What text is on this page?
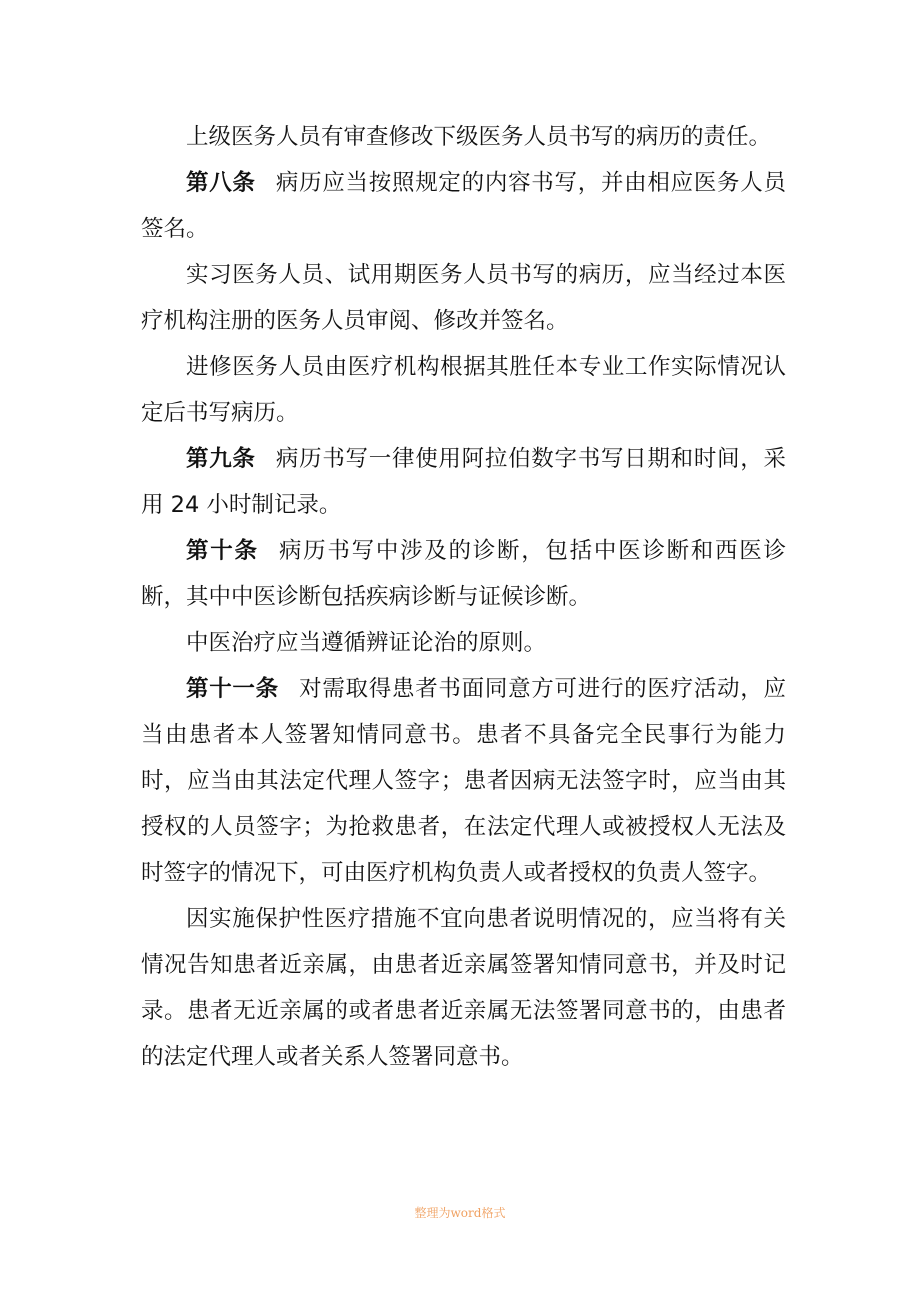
上级医务人员有审查修改下级医务人员书写的病历的责任。

第八条 病历应当按照规定的内容书写，并由相应医务人员签名。

实习医务人员、试用期医务人员书写的病历，应当经过本医疗机构注册的医务人员审阅、修改并签名。

进修医务人员由医疗机构根据其胜任本专业工作实际情况认定后书写病历。

第九条 病历书写一律使用阿拉伯数字书写日期和时间，采用 24 小时制记录。

第十条 病历书写中涉及的诊断，包括中医诊断和西医诊断，其中中医诊断包括疾病诊断与证候诊断。

中医治疗应当遵循辨证论治的原则。

第十一条 对需取得患者书面同意方可进行的医疗活动，应当由患者本人签署知情同意书。患者不具备完全民事行为能力时，应当由其法定代理人签字；患者因病无法签字时，应当由其授权的人员签字；为抢救患者，在法定代理人或被授权人无法及时签字的情况下，可由医疗机构负责人或者授权的负责人签字。

因实施保护性医疗措施不宜向患者说明情况的，应当将有关情况告知患者近亲属，由患者近亲属签署知情同意书，并及时记录。患者无近亲属的或者患者近亲属无法签署同意书的，由患者的法定代理人或者关系人签署同意书。

整理为word格式
